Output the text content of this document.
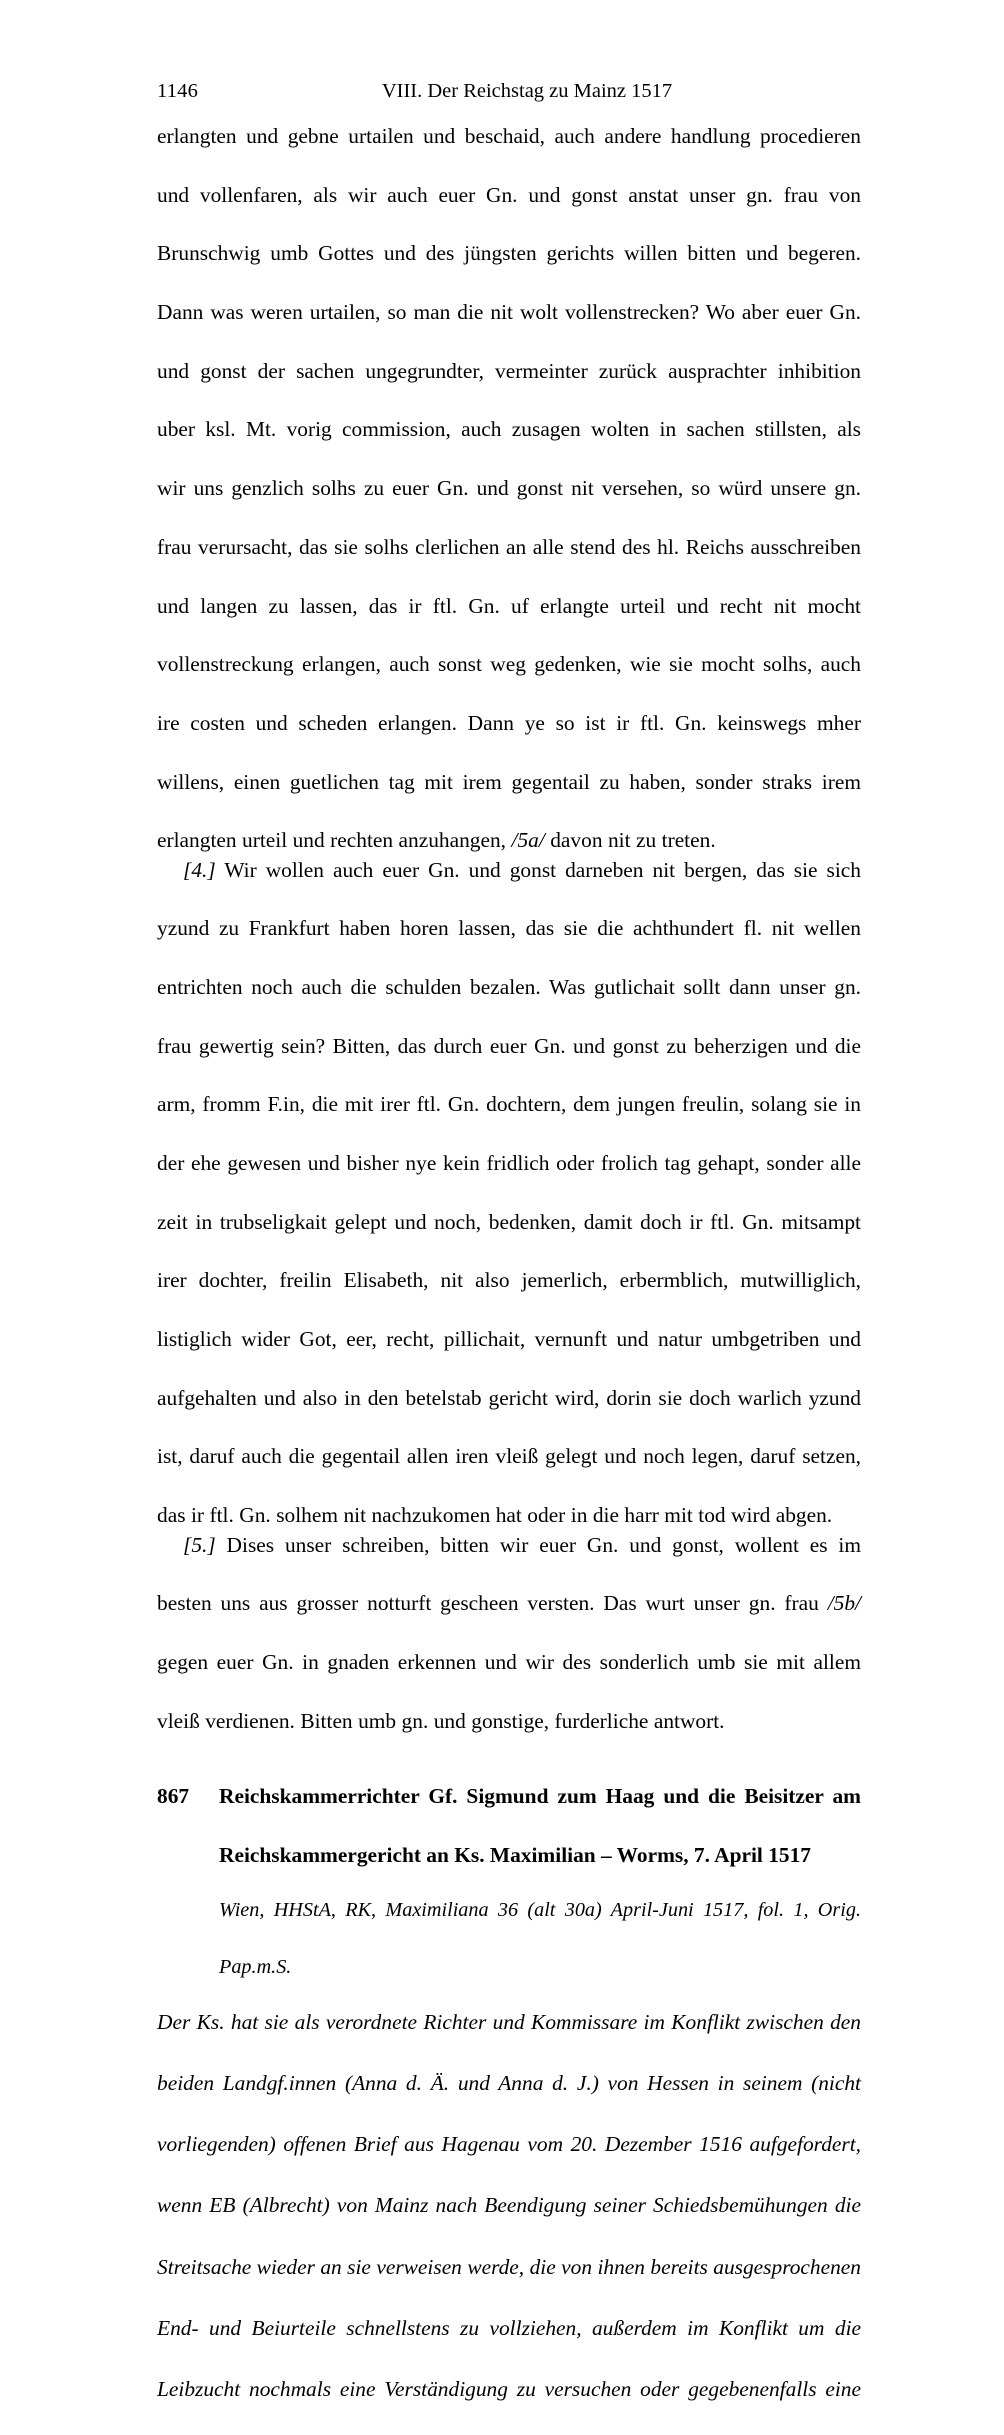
1146	VIII. Der Reichstag zu Mainz 1517

erlangten und gebne urtailen und beschaid, auch andere handlung procedieren
und vollenfaren, als wir auch euer Gn. und gonst anstat unser gn. frau von
Brunschwig umb Gottes und des jüngsten gerichts willen bitten und begeren.
Dann was weren urtailen, so man die nit wolt vollenstrecken? Wo aber euer Gn.
und gonst der sachen ungegrundter, vermeinter zurück ausprachter inhibition
uber ksl. Mt. vorig commission, auch zusagen wolten in sachen stillsten, als
wir uns genzlich solhs zu euer Gn. und gonst nit versehen, so würd unsere gn.
frau verursacht, das sie solhs clerlichen an alle stend des hl. Reichs ausschreiben
und langen zu lassen, das ir ftl. Gn. uf erlangte urteil und recht nit mocht
vollenstreckung erlangen, auch sonst weg gedenken, wie sie mocht solhs, auch
ire costen und scheden erlangen. Dann ye so ist ir ftl. Gn. keinswegs mher
willens, einen guetlichen tag mit irem gegentail zu haben, sonder straks irem
erlangten urteil und rechten anzuhangen, /5a/ davon nit zu treten.

[4.] Wir wollen auch euer Gn. und gonst darneben nit bergen, das sie sich
yzund zu Frankfurt haben horen lassen, das sie die achthundert fl. nit wellen
entrichten noch auch die schulden bezalen. Was gutlichait sollt dann unser gn.
frau gewertig sein? Bitten, das durch euer Gn. und gonst zu beherzigen und die
arm, fromm F.in, die mit irer ftl. Gn. dochtern, dem jungen freulin, solang sie in
der ehe gewesen und bisher nye kein fridlich oder frolich tag gehapt, sonder alle
zeit in trubseligkait gelept und noch, bedenken, damit doch ir ftl. Gn. mitsampt
irer dochter, freilin Elisabeth, nit also jemerlich, erbermblich, mutwilliglich,
listiglich wider Got, eer, recht, pillichait, vernunft und natur umbgetriben und
aufgehalten und also in den betelstab gericht wird, dorin sie doch warlich yzund
ist, daruf auch die gegentail allen iren vleiß gelegt und noch legen, daruf setzen,
das ir ftl. Gn. solhem nit nachzukomen hat oder in die harr mit tod wird abgen.

[5.] Dises unser schreiben, bitten wir euer Gn. und gonst, wollent es im
besten uns aus grosser notturft gescheen versten. Das wurt unser gn. frau /5b/
gegen euer Gn. in gnaden erkennen und wir des sonderlich umb sie mit allem
vleiß verdienen. Bitten umb gn. und gonstige, furderliche antwort.

867	Reichskammerrichter Gf. Sigmund zum Haag und die Beisitzer am
Reichskammergericht an Ks. Maximilian – Worms, 7. April 1517
Wien, HHStA, RK, Maximiliana 36 (alt 30a) April-Juni 1517, fol. 1, Orig.
Pap.m.S.
Der Ks. hat sie als verordnete Richter und Kommissare im Konflikt zwischen den
beiden Landgf.innen (Anna d. Ä. und Anna d. J.) von Hessen in seinem (nicht
vorliegenden) offenen Brief aus Hagenau vom 20. Dezember 1516 aufgefordert,
wenn EB (Albrecht) von Mainz nach Beendigung seiner Schiedsbemühungen die
Streitsache wieder an sie verweisen werde, die von ihnen bereits ausgesprochenen
End- und Beiurteile schnellstens zu vollziehen, außerdem im Konflikt um die
Leibzucht nochmals eine Verständigung zu versuchen oder gegebenenfalls eine
